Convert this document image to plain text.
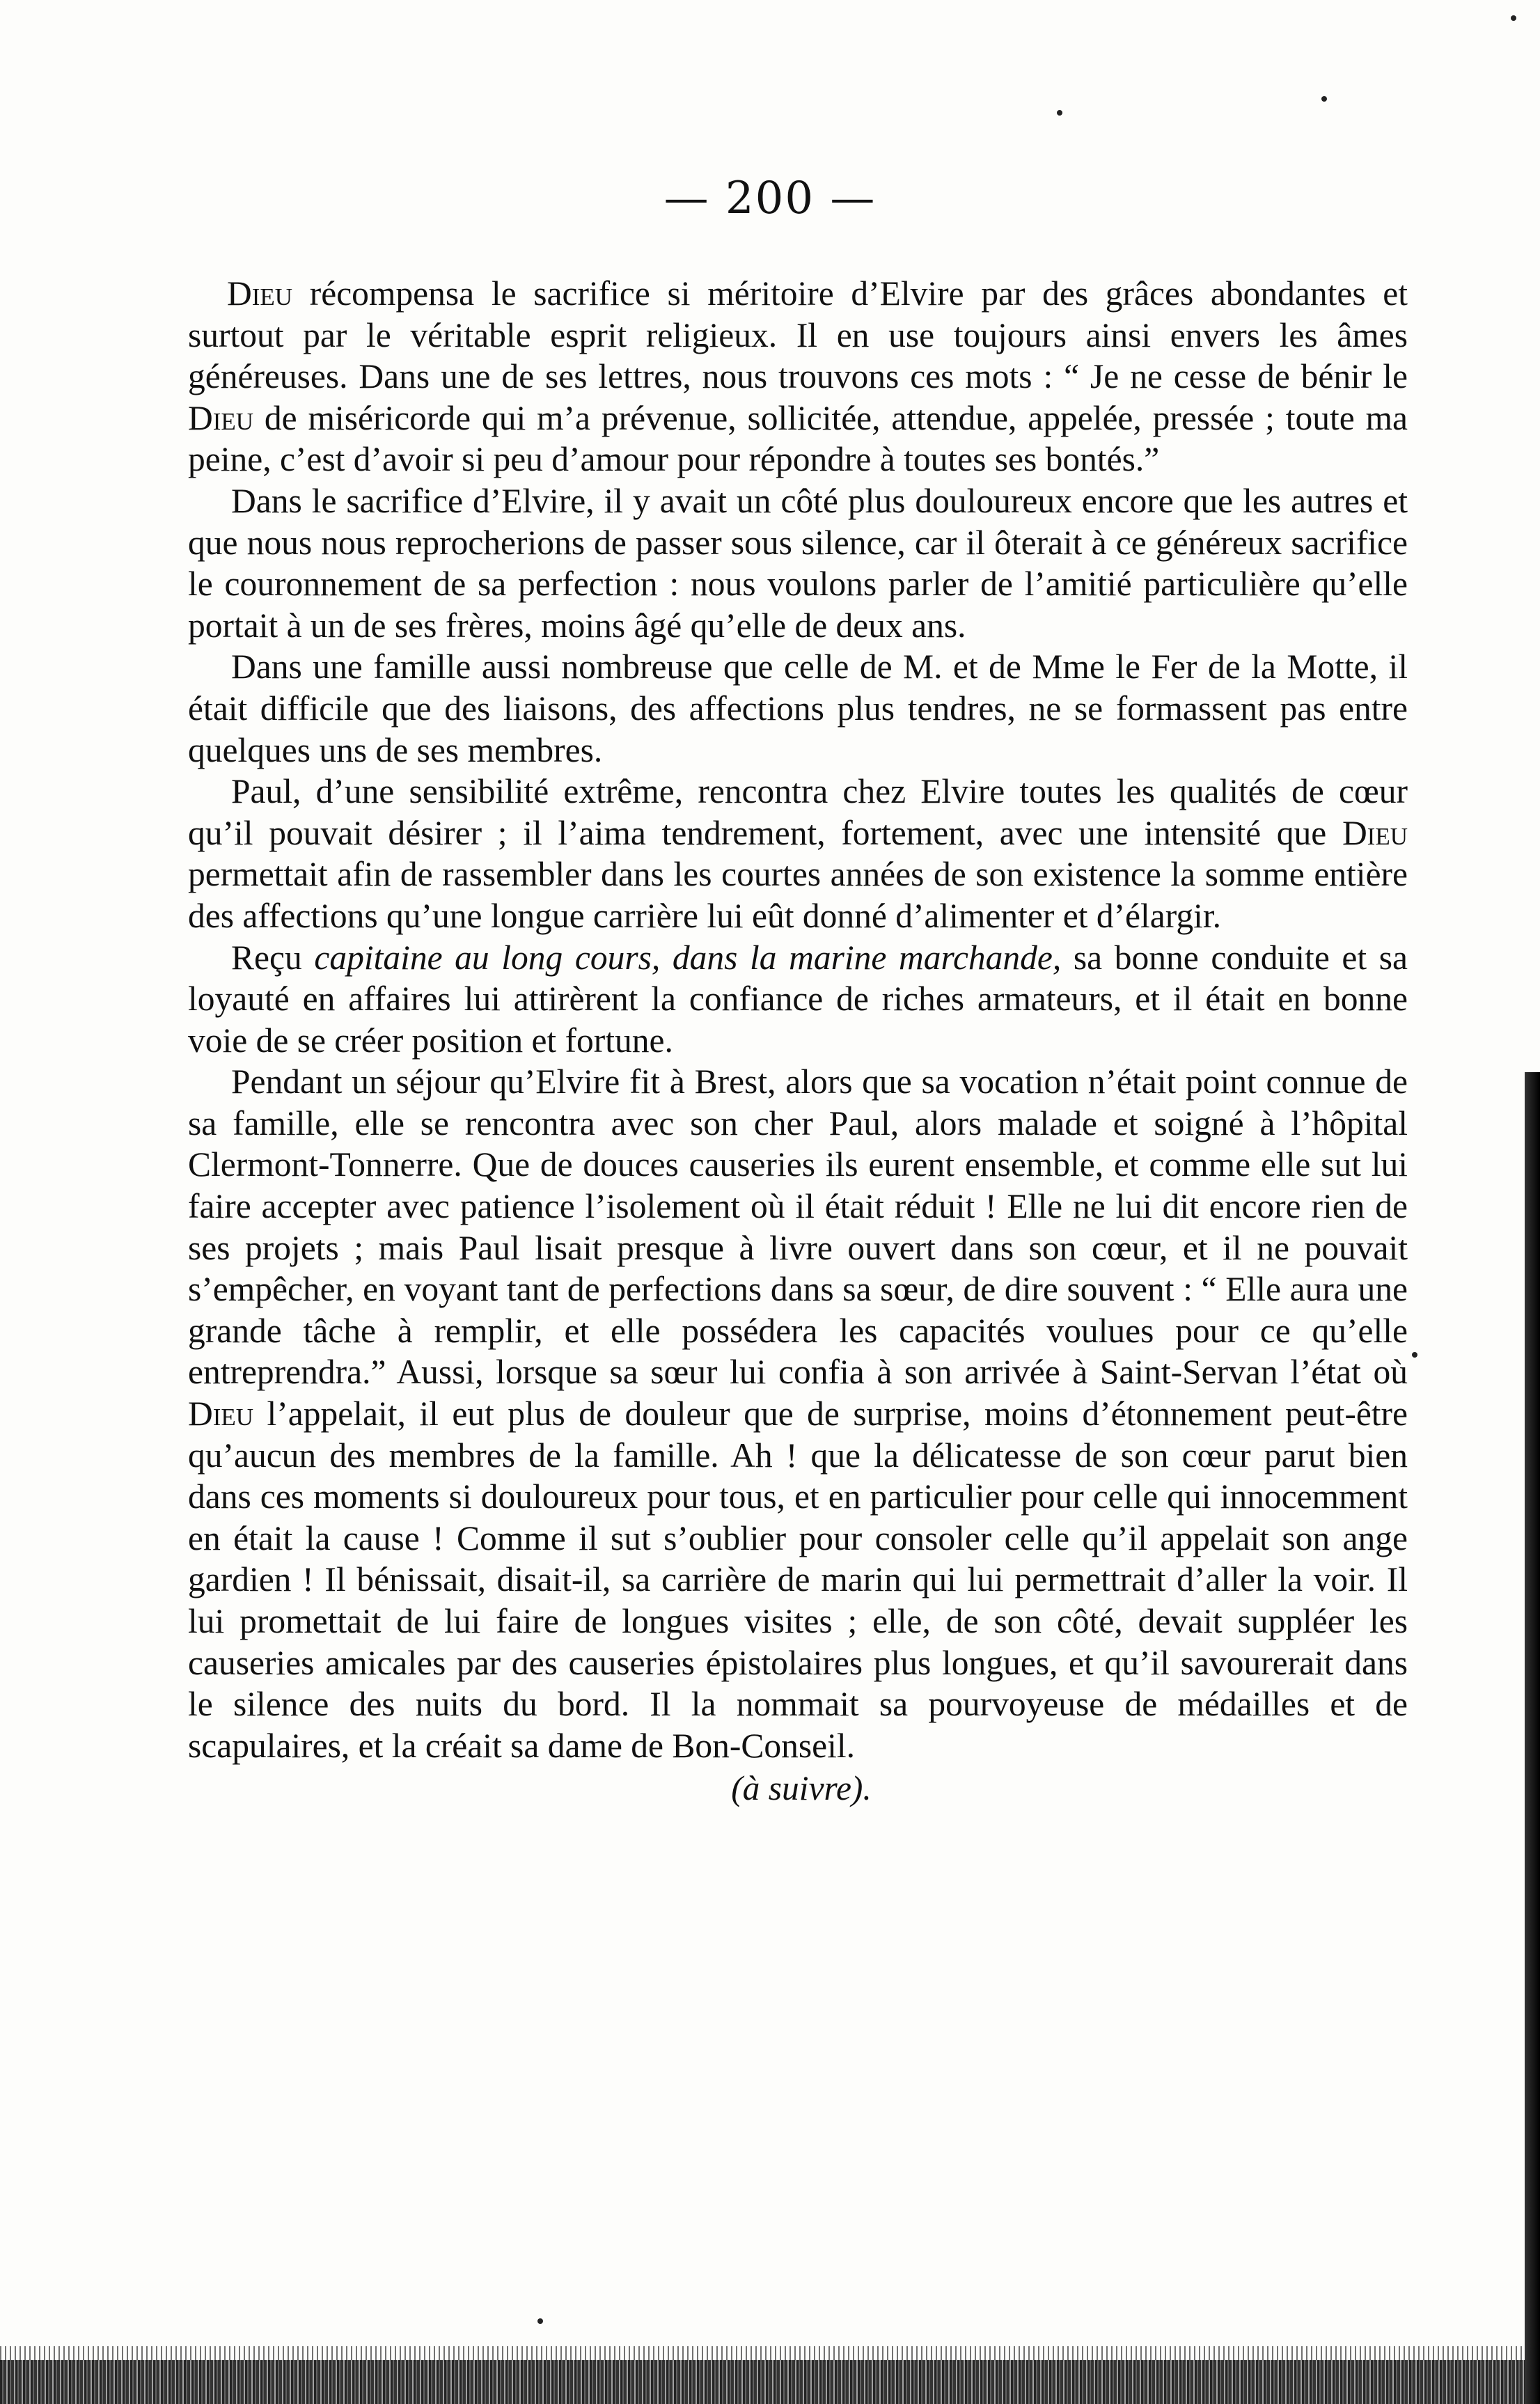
— 200 —

Dieu récompensa le sacrifice si méritoire d’Elvire par des grâces abondantes et surtout par le véritable esprit religieux. Il en use toujours ainsi envers les âmes généreuses. Dans une de ses lettres, nous trouvons ces mots : “ Je ne cesse de bénir le Dieu de miséricorde qui m’a prévenue, sollicitée, attendue, appelée, pressée ; toute ma peine, c’est d’avoir si peu d’amour pour répondre à toutes ses bontés.”

Dans le sacrifice d’Elvire, il y avait un côté plus douloureux encore que les autres et que nous nous reprocherions de passer sous silence, car il ôterait à ce généreux sacrifice le couronnement de sa perfection : nous voulons parler de l’amitié particulière qu’elle portait à un de ses frères, moins âgé qu’elle de deux ans.

Dans une famille aussi nombreuse que celle de M. et de Mme le Fer de la Motte, il était difficile que des liaisons, des affections plus tendres, ne se formassent pas entre quelques uns de ses membres.

Paul, d’une sensibilité extrême, rencontra chez Elvire toutes les qualités de cœur qu’il pouvait désirer ; il l’aima tendrement, fortement, avec une intensité que Dieu permettait afin de rassembler dans les courtes années de son existence la somme entière des affections qu’une longue carrière lui eût donné d’alimenter et d’élargir.

Reçu capitaine au long cours, dans la marine marchande, sa bonne conduite et sa loyauté en affaires lui attirèrent la confiance de riches armateurs, et il était en bonne voie de se créer position et fortune.

Pendant un séjour qu’Elvire fit à Brest, alors que sa vocation n’était point connue de sa famille, elle se rencontra avec son cher Paul, alors malade et soigné à l’hôpital Clermont-Tonnerre. Que de douces causeries ils eurent ensemble, et comme elle sut lui faire accepter avec patience l’isolement où il était réduit ! Elle ne lui dit encore rien de ses projets ; mais Paul lisait presque à livre ouvert dans son cœur, et il ne pouvait s’empêcher, en voyant tant de perfections dans sa sœur, de dire souvent : “ Elle aura une grande tâche à remplir, et elle possédera les capacités voulues pour ce qu’elle entreprendra.” Aussi, lorsque sa sœur lui confia à son arrivée à Saint-Servan l’état où Dieu l’appelait, il eut plus de douleur que de surprise, moins d’étonnement peut-être qu’aucun des membres de la famille. Ah ! que la délicatesse de son cœur parut bien dans ces moments si douloureux pour tous, et en particulier pour celle qui innocemment en était la cause ! Comme il sut s’oublier pour consoler celle qu’il appelait son ange gardien ! Il bénissait, disait-il, sa carrière de marin qui lui permettrait d’aller la voir. Il lui promettait de lui faire de longues visites ; elle, de son côté, devait suppléer les causeries amicales par des causeries épistolaires plus longues, et qu’il savourerait dans le silence des nuits du bord. Il la nommait sa pourvoyeuse de médailles et de scapulaires, et la créait sa dame de Bon-Conseil.

(à suivre).
